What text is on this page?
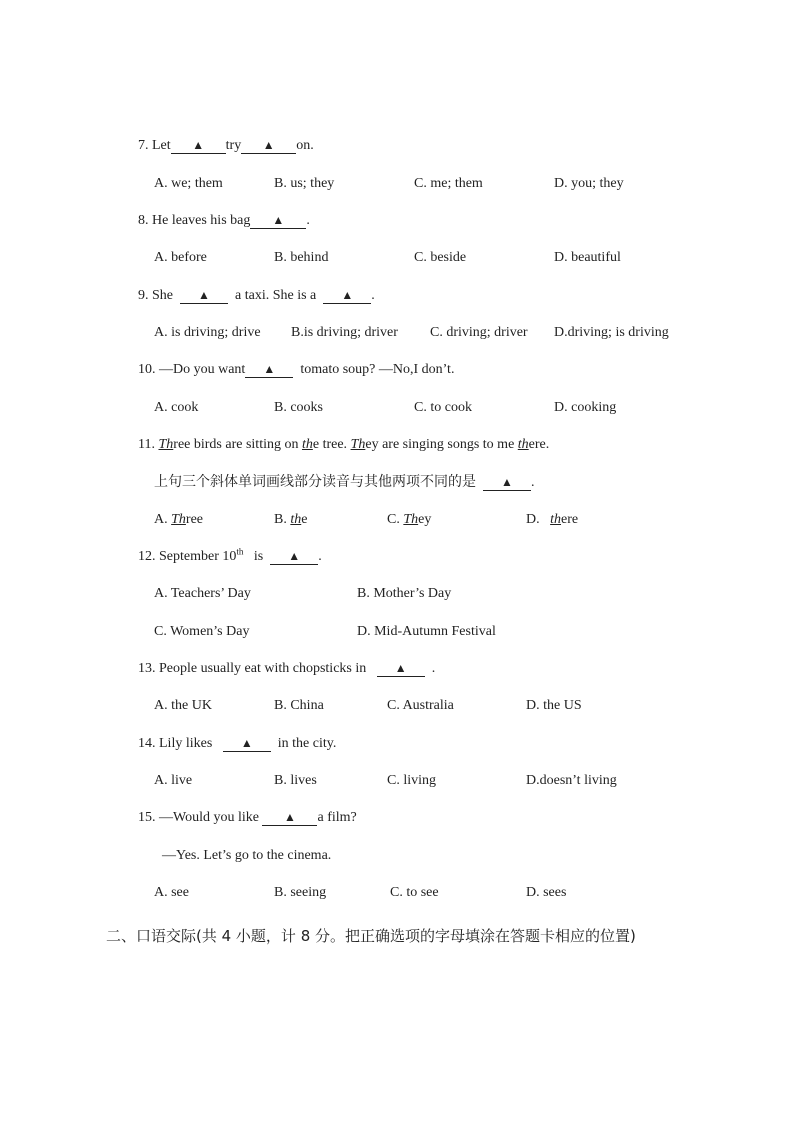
7. Let ▲ try ▲ on.
A. we; them	B. us; they	C. me; them	D. you; they
8. He leaves his bag ▲ .
A. before	B. behind	C. beside	D. beautiful
9. She ▲ a taxi. She is a ▲ .
A. is driving; drive B.is driving; driver C. driving; driver D.driving; is driving
10. —Do you want ▲ tomato soup? —No,I don’t.
A. cook	B. cooks	C. to cook	D. cooking
11. Three birds are sitting on the tree. They are singing songs to me there.
上句三个斜体单词画线部分读音与其他两项不同的是 ▲ .
A. Three	B. the	C. They	D.   there
12. September 10th is ▲ .
A. Teachers’ Day	B. Mother’s Day
C. Women’s Day	D. Mid-Autumn Festival
13. People usually eat with chopsticks in ▲ .
A. the UK	B. China	C. Australia	D. the US
14. Lily likes ▲ in the city.
A. live	B. lives	C. living	D.doesn’t living
15. —Would you like ▲ a film?
—Yes. Let’s go to the cinema.
A. see	B. seeing	C. to see	D. sees
二、口语交际(共 4 小题，计 8 分。把正确选项的字母填涂在答题卡相应的位置)
